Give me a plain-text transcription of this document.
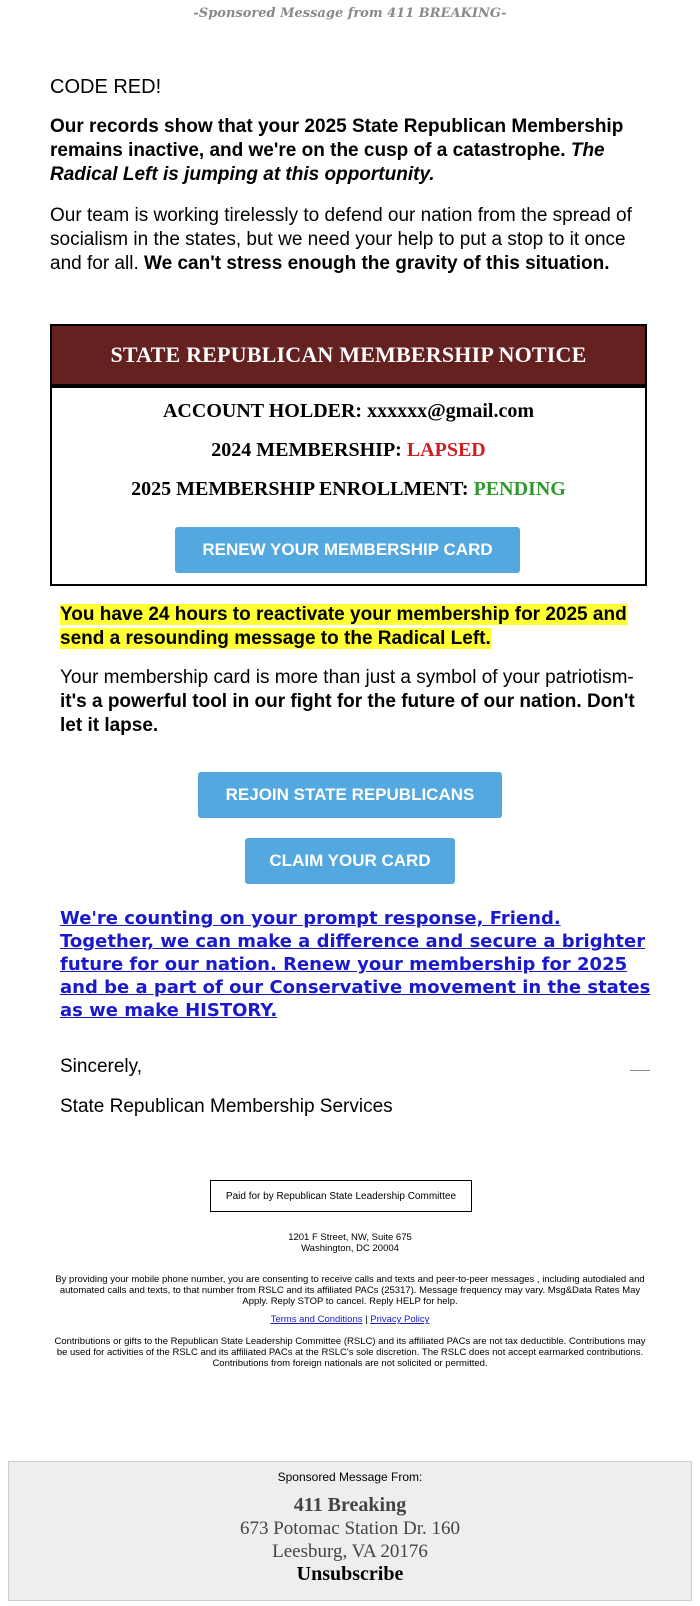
-Sponsored Message from 411 BREAKING-
CODE RED!
Our records show that your 2025 State Republican Membership remains inactive, and we're on the cusp of a catastrophe. The Radical Left is jumping at this opportunity.
Our team is working tirelessly to defend our nation from the spread of socialism in the states, but we need your help to put a stop to it once and for all. We can't stress enough the gravity of this situation.
STATE REPUBLICAN MEMBERSHIP NOTICE
ACCOUNT HOLDER: xxxxxx@gmail.com
2024 MEMBERSHIP: LAPSED
2025 MEMBERSHIP ENROLLMENT: PENDING
RENEW YOUR MEMBERSHIP CARD
You have 24 hours to reactivate your membership for 2025 and send a resounding message to the Radical Left.
Your membership card is more than just a symbol of your patriotism-it's a powerful tool in our fight for the future of our nation. Don't let it lapse.
REJOIN STATE REPUBLICANS
CLAIM YOUR CARD
We're counting on your prompt response, Friend. Together, we can make a difference and secure a brighter future for our nation. Renew your membership for 2025 and be a part of our Conservative movement in the states as we make HISTORY.
Sincerely,
State Republican Membership Services
Paid for by Republican State Leadership Committee
1201 F Street, NW, Suite 675
Washington, DC 20004
By providing your mobile phone number, you are consenting to receive calls and texts and peer-to-peer messages , including autodialed and automated calls and texts, to that number from RSLC and its affiliated PACs (25317). Message frequency may vary. Msg&Data Rates May Apply. Reply STOP to cancel. Reply HELP for help.
Terms and Conditions | Privacy Policy
Contributions or gifts to the Republican State Leadership Committee (RSLC) and its affiliated PACs are not tax deductible. Contributions may be used for activities of the RSLC and its affiliated PACs at the RSLC's sole discretion. The RSLC does not accept earmarked contributions. Contributions from foreign nationals are not solicited or permitted.
Sponsored Message From:
411 Breaking
673 Potomac Station Dr. 160
Leesburg, VA 20176
Unsubscribe
